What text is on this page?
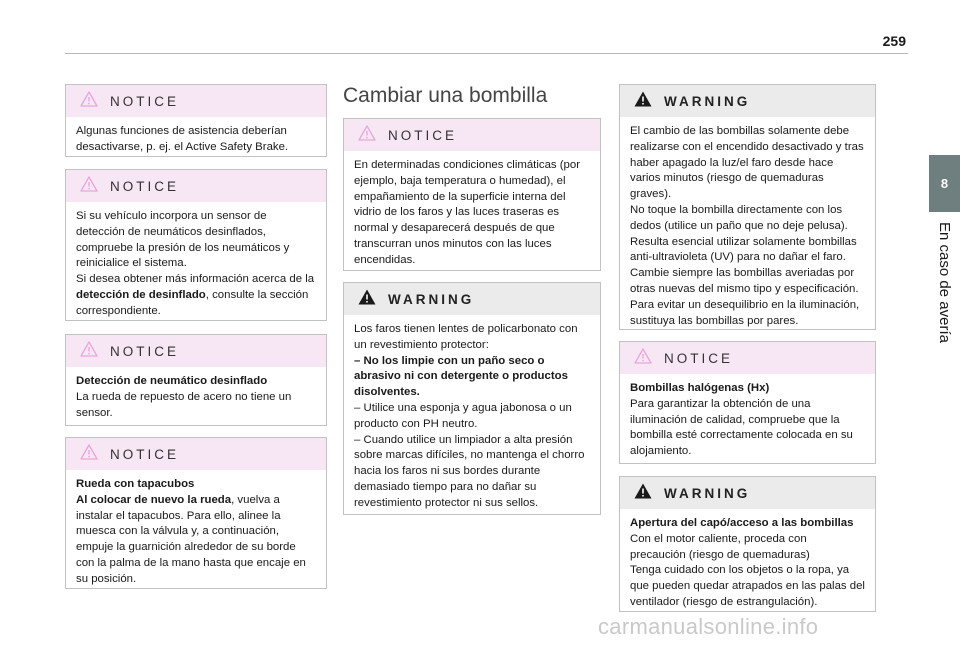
259
8
En caso de avería
NOTICE

Algunas funciones de asistencia deberían desactivarse, p. ej. el Active Safety Brake.

NOTICE

Si su vehículo incorpora un sensor de detección de neumáticos desinflados, compruebe la presión de los neumáticos y reinicialice el sistema.

Si desea obtener más información acerca de la detección de desinflado, consulte la sección correspondiente.

NOTICE

Detección de neumático desinflado

La rueda de repuesto de acero no tiene un sensor.

NOTICE

Rueda con tapacubos

Al colocar de nuevo la rueda, vuelva a instalar el tapacubos. Para ello, alinee la muesca con la válvula y, a continuación, empuje la guarnición alrededor de su borde con la palma de la mano hasta que encaje en su posición.

Cambiar una bombilla
NOTICE

En determinadas condiciones climáticas (por ejemplo, baja temperatura o humedad), el empañamiento de la superficie interna del vidrio de los faros y las luces traseras es normal y desaparecerá después de que transcurran unos minutos con las luces encendidas.

WARNING

Los faros tienen lentes de policarbonato con un revestimiento protector:

– No los limpie con un paño seco o abrasivo ni con detergente o productos disolventes.

– Utilice una esponja y agua jabonosa o un producto con PH neutro.

– Cuando utilice un limpiador a alta presión sobre marcas difíciles, no mantenga el chorro hacia los faros ni sus bordes durante demasiado tiempo para no dañar su revestimiento protector ni sus sellos.

WARNING

El cambio de las bombillas solamente debe realizarse con el encendido desactivado y tras haber apagado la luz/el faro desde hace varios minutos (riesgo de quemaduras graves).

No toque la bombilla directamente con los dedos (utilice un paño que no deje pelusa).

Resulta esencial utilizar solamente bombillas anti-ultravioleta (UV) para no dañar el faro.

Cambie siempre las bombillas averiadas por otras nuevas del mismo tipo y especificación. Para evitar un desequilibrio en la iluminación, sustituya las bombillas por pares.

NOTICE

Bombillas halógenas (Hx)

Para garantizar la obtención de una iluminación de calidad, compruebe que la bombilla esté correctamente colocada en su alojamiento.

WARNING

Apertura del capó/acceso a las bombillas

Con el motor caliente, proceda con precaución (riesgo de quemaduras)

Tenga cuidado con los objetos o la ropa, ya que pueden quedar atrapados en las palas del ventilador (riesgo de estrangulación).

carmanualsonline.info
